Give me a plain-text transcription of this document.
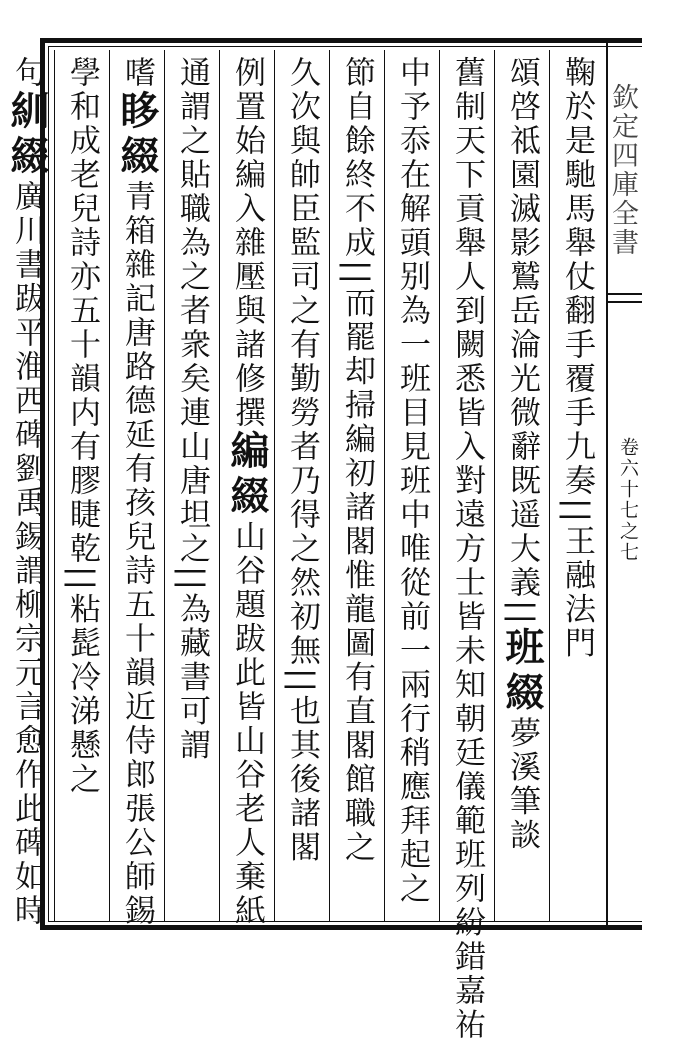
鞠於是馳馬舉仗翻手覆手九奏||王融法門
頌啓祗園滅影鷲岳淪光微辭既遥大義||班綴夢溪筆談
舊制天下貢舉人到闕悉皆入對遠方士皆未知朝廷儀範班列紛錯嘉祐
中予忝在解頭别為一班目見班中唯從前一兩行稍應拜起之
節自餘終不成||而罷却掃編初諸閣惟龍圖有直閣館職之
久次與帥臣監司之有勤勞者乃得之然初無||也其後諸閣
例置始編入雜壓與諸修撰編綴山谷題跋此皆山谷老人棄紙
通謂之貼職為之者衆矣連山唐坦之||為藏書可謂
嗜眵綴青箱雜記唐路德延有孩兒詩五十韻近侍郎張公師錫
學和成老兒詩亦五十韻内有膠睫乾||粘髭冷涕懸之
句紃綴廣川書跋平淮西碑劉禹錫謂柳宗元言愈作此碑如時
欽定四庫全書
卷六十七之七
